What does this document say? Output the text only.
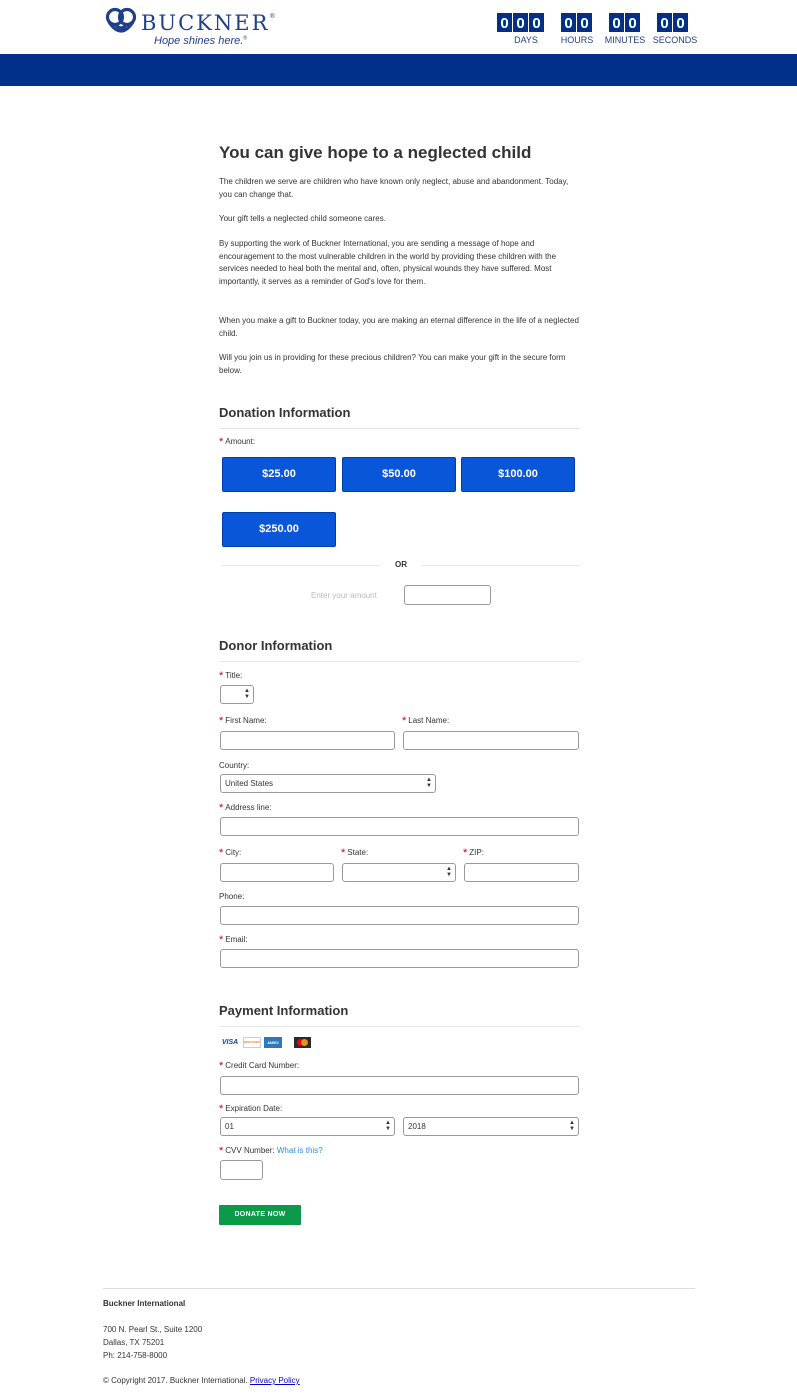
BUCKNER®
Hope shines here.®
0 0 0
DAYS
0 0
HOURS
0 0
MINUTES
0 0
SECONDS
You can give hope to a neglected child

The children we serve are children who have known only neglect, abuse and abandonment. Today, you can change that.

Your gift tells a neglected child someone cares.

By supporting the work of Buckner International, you are sending a message of hope and encouragement to the most vulnerable children in the world by providing these children with the services needed to heal both the mental and, often, physical wounds they have suffered. Most importantly, it serves as a reminder of God's love for them.

When you make a gift to Buckner today, you are making an eternal difference in the life of a neglected child.

Will you join us in providing for these precious children? You can make your gift in the secure form below.

Donation Information
* Amount:
$25.00	$50.00	$100.00
$250.00
OR
Enter your amount
Donor Information
* Title:
▲
▼
* First Name:	* Last Name:
Country:
United States	▲
▼
* Address line:
* City:	* State:	* ZIP:
▲
▼
Phone:
* Email:
Payment Information
VISA	DISCOVER	AMEX
* Credit Card Number:
* Expiration Date:
01	▲
▼	2018	▲
▼
* CVV Number: What is this?
DONATE NOW
Buckner International
700 N. Pearl St., Suite 1200
Dallas, TX 75201
Ph: 214-758-8000
© Copyright 2017. Buckner International. Privacy Policy
